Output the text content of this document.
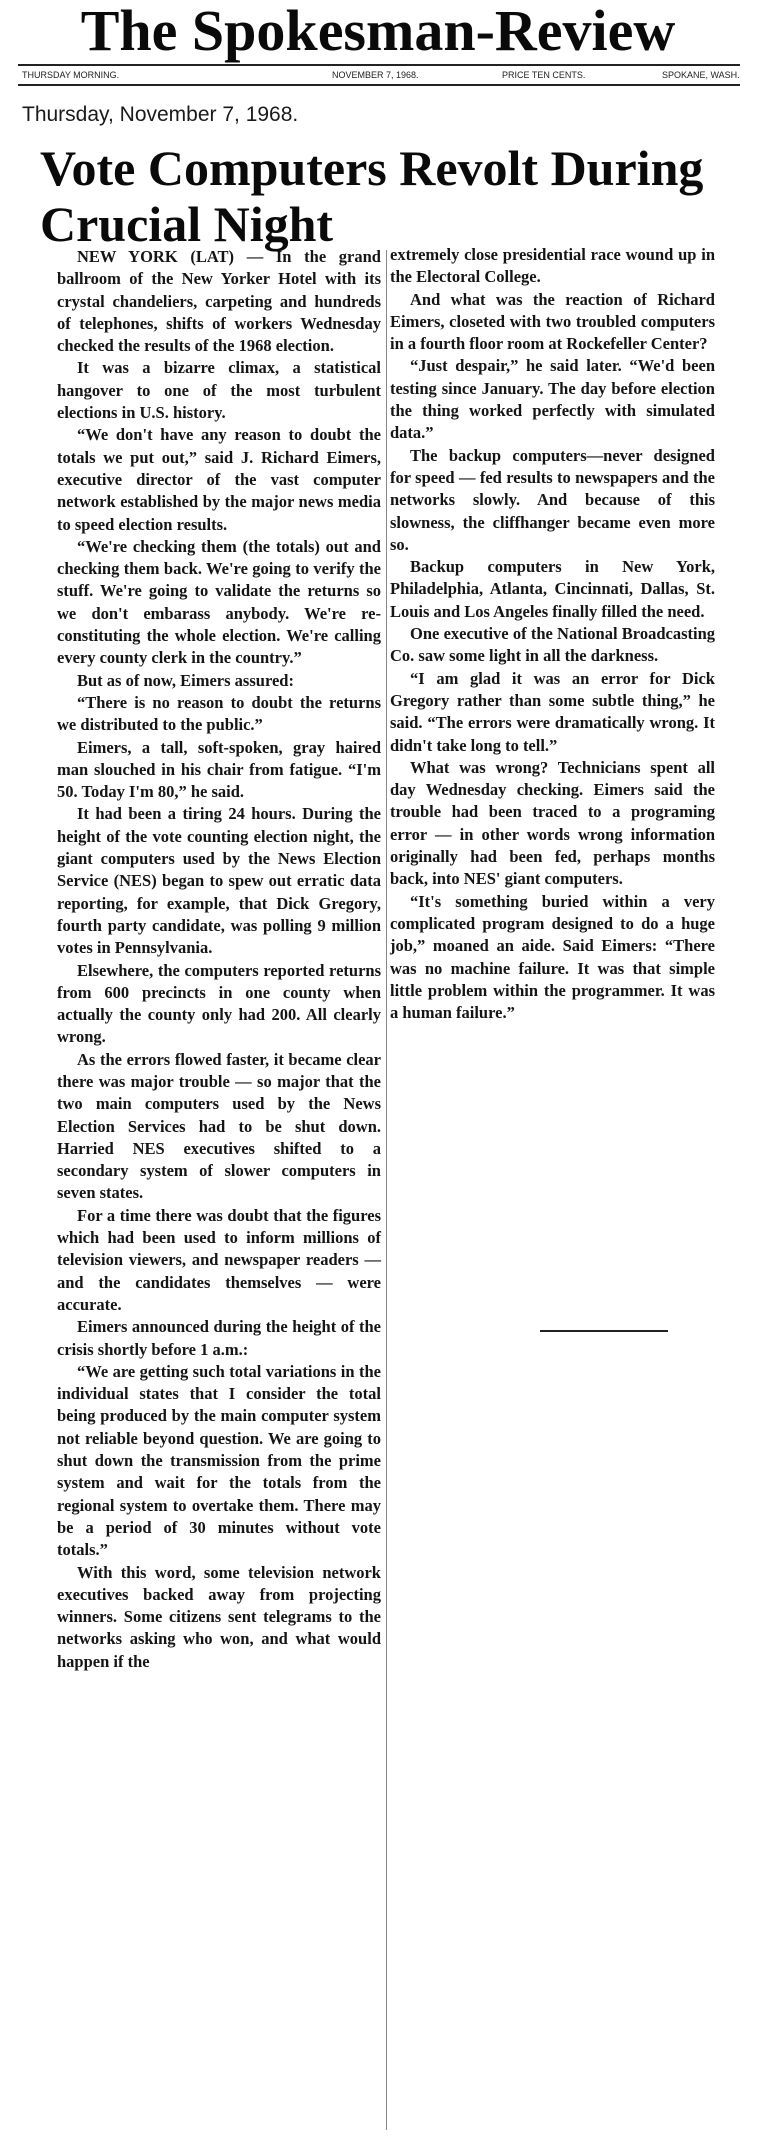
The Spokesman-Review
THURSDAY MORNING.	NOVEMBER 7, 1968.	PRICE TEN CENTS.	SPOKANE, WASH.
Thursday, November 7, 1968.
Vote Computers Revolt During
Crucial Night

NEW YORK (LAT) — In the grand ballroom of the New Yorker Hotel with its crystal chandeliers, carpeting and hundreds of telephones, shifts of workers Wednesday checked the results of the 1968 election.

It was a bizarre climax, a statistical hangover to one of the most turbulent elections in U.S. history.

“We don't have any reason to doubt the totals we put out,” said J. Richard Eimers, executive director of the vast computer network established by the major news media to speed election results.

“We're checking them (the totals) out and checking them back. We're going to verify the stuff. We're going to validate the returns so we don't embarass anybody. We're re-constituting the whole election. We're calling every county clerk in the country.”

But as of now, Eimers assured:

“There is no reason to doubt the returns we distributed to the public.”

Eimers, a tall, soft-spoken, gray haired man slouched in his chair from fatigue. “I'm 50. Today I'm 80,” he said.

It had been a tiring 24 hours. During the height of the vote counting election night, the giant computers used by the News Election Service (NES) began to spew out erratic data reporting, for example, that Dick Gregory, fourth party candidate, was polling 9 million votes in Pennsylvania.

Elsewhere, the computers reported returns from 600 precincts in one county when actually the county only had 200. All clearly wrong.

As the errors flowed faster, it became clear there was major trouble — so major that the two main computers used by the News Election Services had to be shut down. Harried NES executives shifted to a secondary system of slower computers in seven states.

For a time there was doubt that the figures which had been used to inform millions of television viewers, and newspaper readers — and the candidates themselves — were accurate.

Eimers announced during the height of the crisis shortly before 1 a.m.:

“We are getting such total variations in the individual states that I consider the total being produced by the main computer system not reliable beyond question. We are going to shut down the transmission from the prime system and wait for the totals from the regional system to overtake them. There may be a period of 30 minutes without vote totals.”

With this word, some television network executives backed away from projecting winners. Some citizens sent telegrams to the networks asking who won, and what would happen if the

extremely close presidential race wound up in the Electoral College.

And what was the reaction of Richard Eimers, closeted with two troubled computers in a fourth floor room at Rockefeller Center?

“Just despair,” he said later. “We'd been testing since January. The day before election the thing worked perfectly with simulated data.”

The backup computers—never designed for speed — fed results to newspapers and the networks slowly. And because of this slowness, the cliffhanger became even more so.

Backup computers in New York, Philadelphia, Atlanta, Cincinnati, Dallas, St. Louis and Los Angeles finally filled the need.

One executive of the National Broadcasting Co. saw some light in all the darkness.

“I am glad it was an error for Dick Gregory rather than some subtle thing,” he said. “The errors were dramatically wrong. It didn't take long to tell.”

What was wrong? Technicians spent all day Wednesday checking. Eimers said the trouble had been traced to a programing error — in other words wrong information originally had been fed, perhaps months back, into NES' giant computers.

“It's something buried within a very complicated program designed to do a huge job,” moaned an aide. Said Eimers: “There was no machine failure. It was that simple little problem within the programmer. It was a human failure.”
